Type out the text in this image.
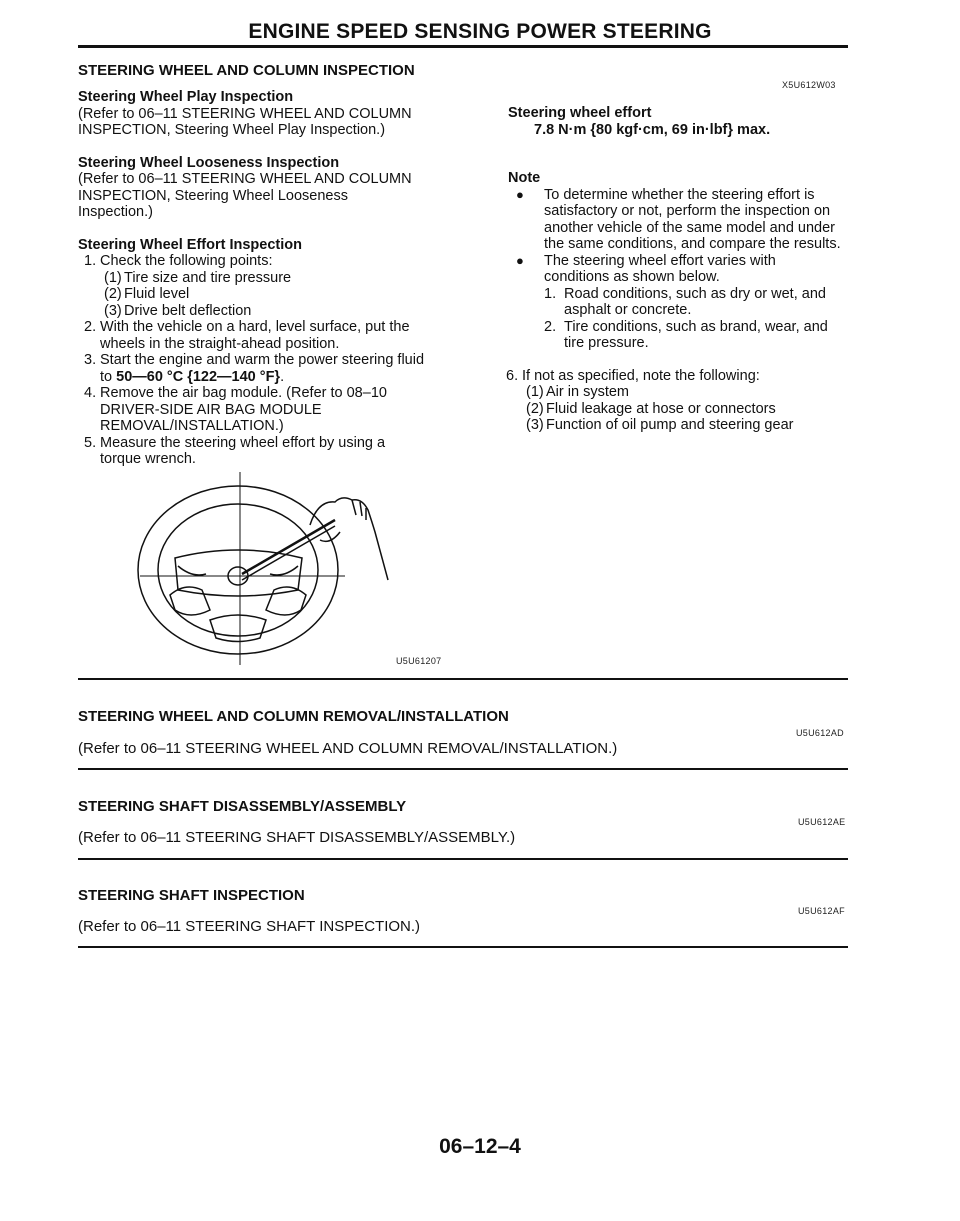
ENGINE SPEED SENSING POWER STEERING
STEERING WHEEL AND COLUMN INSPECTION
X5U612W03
Steering Wheel Play Inspection

(Refer to 06–11 STEERING WHEEL AND COLUMN

INSPECTION, Steering Wheel Play Inspection.)

Steering Wheel Looseness Inspection

(Refer to 06–11 STEERING WHEEL AND COLUMN

INSPECTION, Steering Wheel Looseness

Inspection.)

Steering Wheel Effort Inspection
1. Check the following points:
(1) Tire size and tire pressure
(2) Fluid level
(3) Drive belt deflection
2. With the vehicle on a hard, level surface, put the
wheels in the straight-ahead position.
3. Start the engine and warm the power steering fluid
to 50—60 °C {122—140 °F}.
4. Remove the air bag module. (Refer to 08–10
DRIVER-SIDE AIR BAG MODULE
REMOVAL/INSTALLATION.)
5. Measure the steering wheel effort by using a
torque wrench.
U5U61207
Steering wheel effort
7.8 N·m {80 kgf·cm, 69 in·lbf} max.
Note
● To determine whether the steering effort is
satisfactory or not, perform the inspection on
another vehicle of the same model and under
the same conditions, and compare the results.
● The steering wheel effort varies with
conditions as shown below.
1. Road conditions, such as dry or wet, and
asphalt or concrete.
2. Tire conditions, such as brand, wear, and
tire pressure.
6. If not as specified, note the following:
(1) Air in system
(2) Fluid leakage at hose or connectors
(3) Function of oil pump and steering gear
STEERING WHEEL AND COLUMN REMOVAL/INSTALLATION
U5U612AD
(Refer to 06–11 STEERING WHEEL AND COLUMN REMOVAL/INSTALLATION.)
STEERING SHAFT DISASSEMBLY/ASSEMBLY
U5U612AE
(Refer to 06–11 STEERING SHAFT DISASSEMBLY/ASSEMBLY.)
STEERING SHAFT INSPECTION
U5U612AF
(Refer to 06–11 STEERING SHAFT INSPECTION.)
06–12–4
